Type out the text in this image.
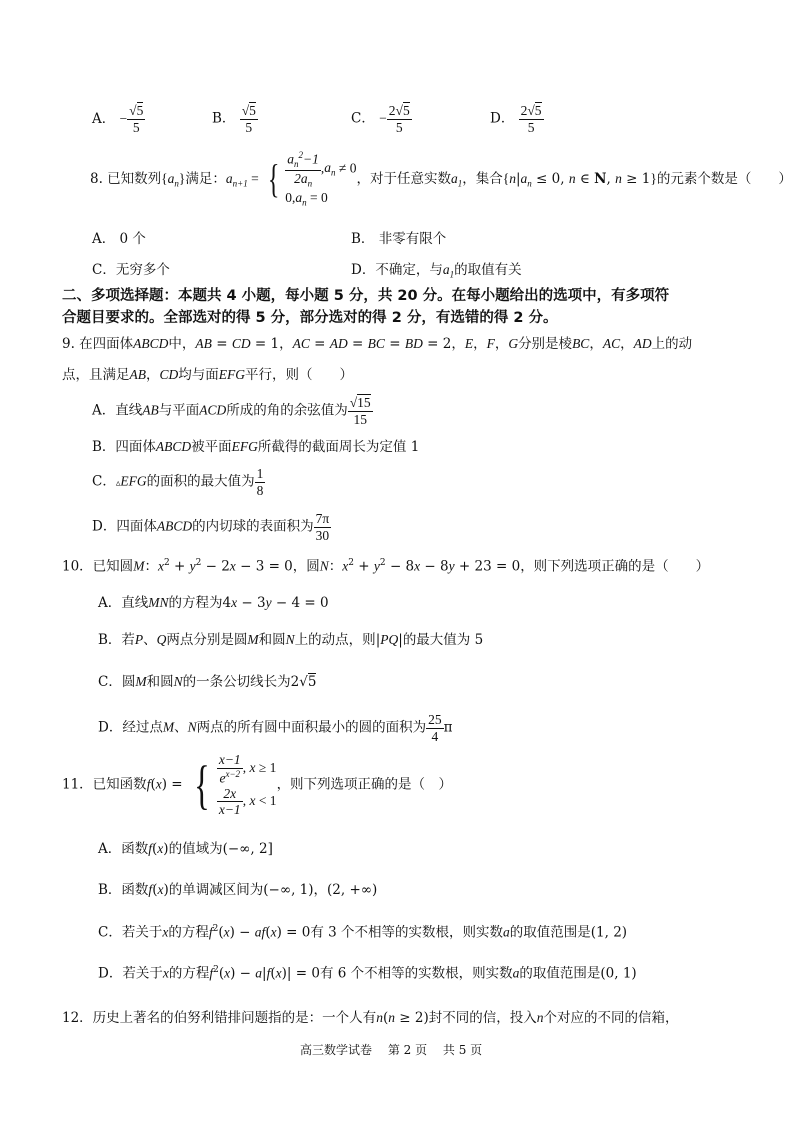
A． − $\frac{√5}{5}$	B． $\frac{√5}{5}$	C． − $\frac{2√5}{5}$	D． $\frac{2√5}{5}$
8. 已知数列$\{a_n\}$满足：$a_{n+1}$ = { $\frac{a_n^2-1}{2a_n} ,a_n \ne 0$
$0,a_n = 0$
，对于任意实数$a_1$，集合{$n|a_n \le 0$, n ∈ N, n ≥ 1}的元素个数是（　　）
A． 0 个	B． 非零有限个
C．无穷多个	D．不确定，与$a_1$的取值有关
二、多项选择题：本题共 4 小题，每小题 5 分，共 20 分。在每小题给出的选项中，有多项符
合题目要求的。全部选对的得 5 分，部分选对的得 2 分，有选错的得 2 分。
9. 在四面体ABCD中，AB = CD = 1，AC = AD = BC = BD = 2，E，F，G分别是棱BC，AC，AD上的动
点，且满足AB，CD均与面EFG平行，则（　　）
A．直线AB与平面ACD所成的角的余弦值为 $\frac{√15}{15}$
B．四面体ABCD被平面EFG所截得的截面周长为定值 1
C．▵EFG的面积的最大值为 $\frac{1}{8}$
D．四面体ABCD的内切球的表面积为 $\frac{7\pi}{30}$
10．已知圆M：$x^2 + y^2 - 2x - 3 = 0$，圆N：$x^2 + y^2 - 8x - 8y + 23 = 0$，则下列选项正确的是（　　）
A．直线MN的方程为4x − 3y − 4 = 0
B．若P、Q两点分别是圆M和圆N上的动点，则|PQ|的最大值为 5
C．圆M和圆N的一条公切线长为2√5
D．经过点M、N两点的所有圆中面积最小的圆的面积为 $\frac{25}{4}$ π
11．已知函数f(x) = { $\frac{x-1}{e^{x-2}}$ , x ≥ 1
$\frac{2x}{x-1}$ , x < 1
，则下列选项正确的是（　）
A．函数f(x)的值域为(−∞, 2]
B．函数f(x)的单调减区间为(−∞, 1)，(2, +∞)
C．若关于x的方程$f^2(x) - af(x) = 0$有 3 个不相等的实数根，则实数a的取值范围是(1, 2)
D．若关于x的方程$f^2(x) - a|f(x)| = 0$有 6 个不相等的实数根，则实数a的取值范围是(0, 1)
12．历史上著名的伯努利错排问题指的是：一个人有n(n ≥ 2)封不同的信，投入n个对应的不同的信箱，
高三数学试卷　 第 2 页　 共 5 页
